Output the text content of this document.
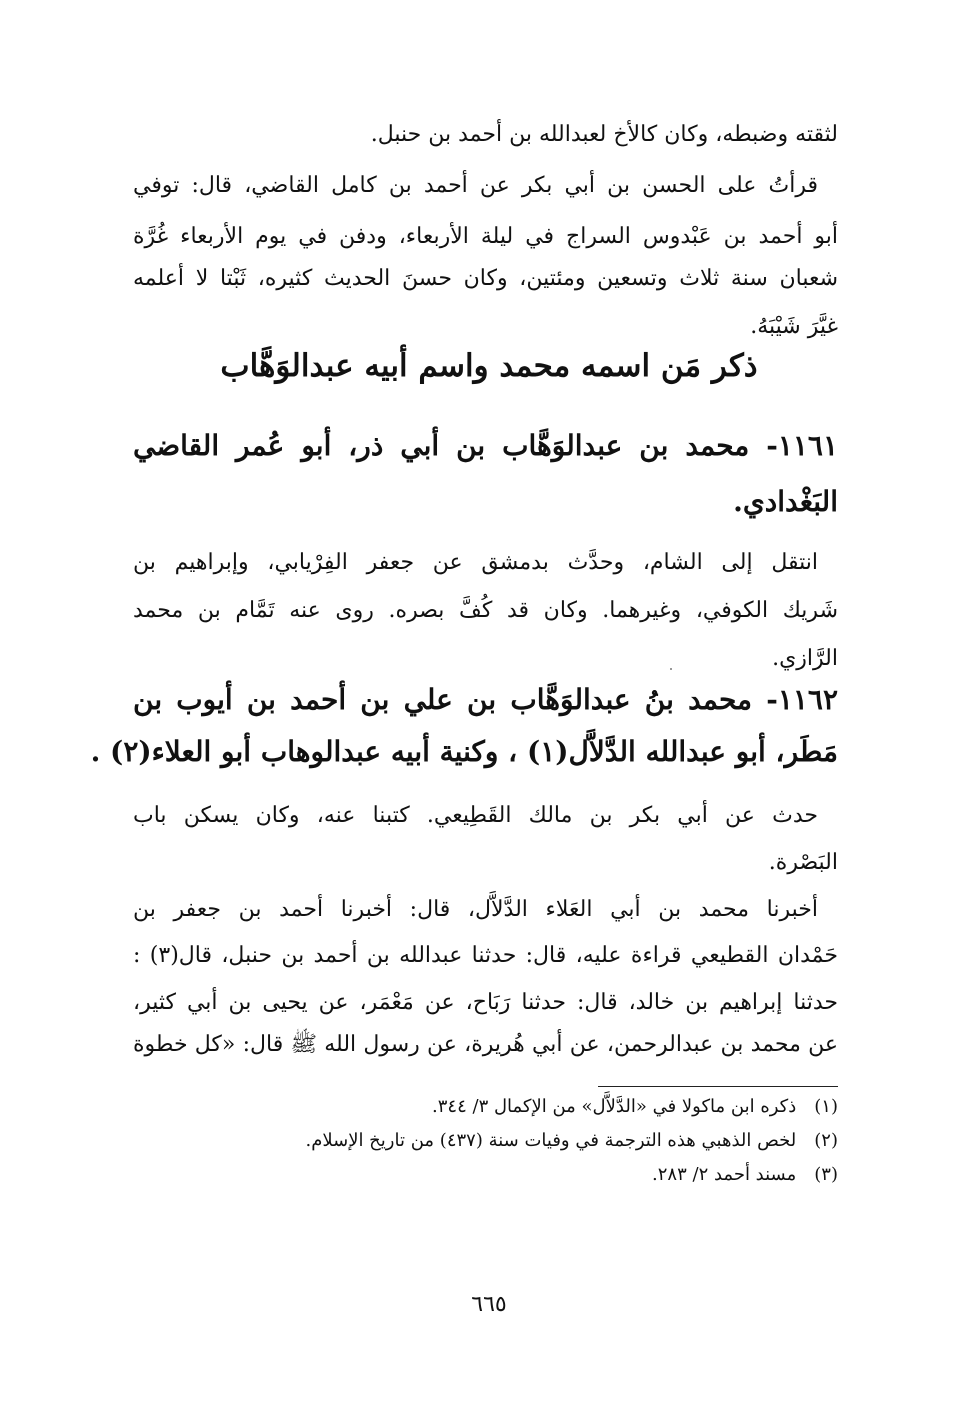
لثقته وضبطه، وكان كالأخ لعبدالله بن أحمد بن حنبل.
قرأتُ على الحسن بن أبي بكر عن أحمد بن كامل القاضي، قال: توفي
أبو أحمد بن عَبْدوس السراج في ليلة الأربعاء، ودفن في يوم الأربعاء غُرَّة
شعبان سنة ثلاث وتسعين ومئتين، وكان حسنَ الحديث كثيره، ثَبْتا لا أعلمه
غيَّرَ شَيْبَهُ.
ذكر مَن اسمه محمد واسم أبيه عبدالوَهَّاب
١١٦١- محمد بن عبدالوَهَّاب بن أبي ذر، أبو عُمر القاضي
البَغْدادي.
انتقل إلى الشام، وحدَّث بدمشق عن جعفر الفِرْيابي، وإبراهيم بن
شَريك الكوفي، وغيرهما. وكان قد كُفَّ بصره. روى عنه تَمَّام بن محمد
الرَّازي.
١١٦٢- محمد بنُ عبدالوَهَّاب بن علي بن أحمد بن أيوب بن
مَطَر، أبو عبدالله الدَّلاَّل(١) ، وكنية أبيه عبدالوهاب أبو العلاء(٢) .
حدث عن أبي بكر بن مالك القَطِيعي. كتبنا عنه، وكان يسكن باب
البَصْرة.
أخبرنا محمد بن أبي العَلاء الدَّلاَّل، قال: أخبرنا أحمد بن جعفر بن
حَمْدان القطيعي قراءة عليه، قال: حدثنا عبدالله بن أحمد بن حنبل، قال(٣) :
حدثنا إبراهيم بن خالد، قال: حدثنا رَبَاح، عن مَعْمَر، عن يحيى بن أبي كثير،
عن محمد بن عبدالرحمن، عن أبي هُريرة، عن رسول الله ﷺ قال: «كل خطوة
(١)ذكره ابن ماكولا في «الدَّلاَّل» من الإكمال ٣/ ٣٤٤.
(٢)لخص الذهبي هذه الترجمة في وفيات سنة (٤٣٧) من تاريخ الإسلام.
(٣)مسند أحمد ٢/ ٢٨٣.
٦٦٥
